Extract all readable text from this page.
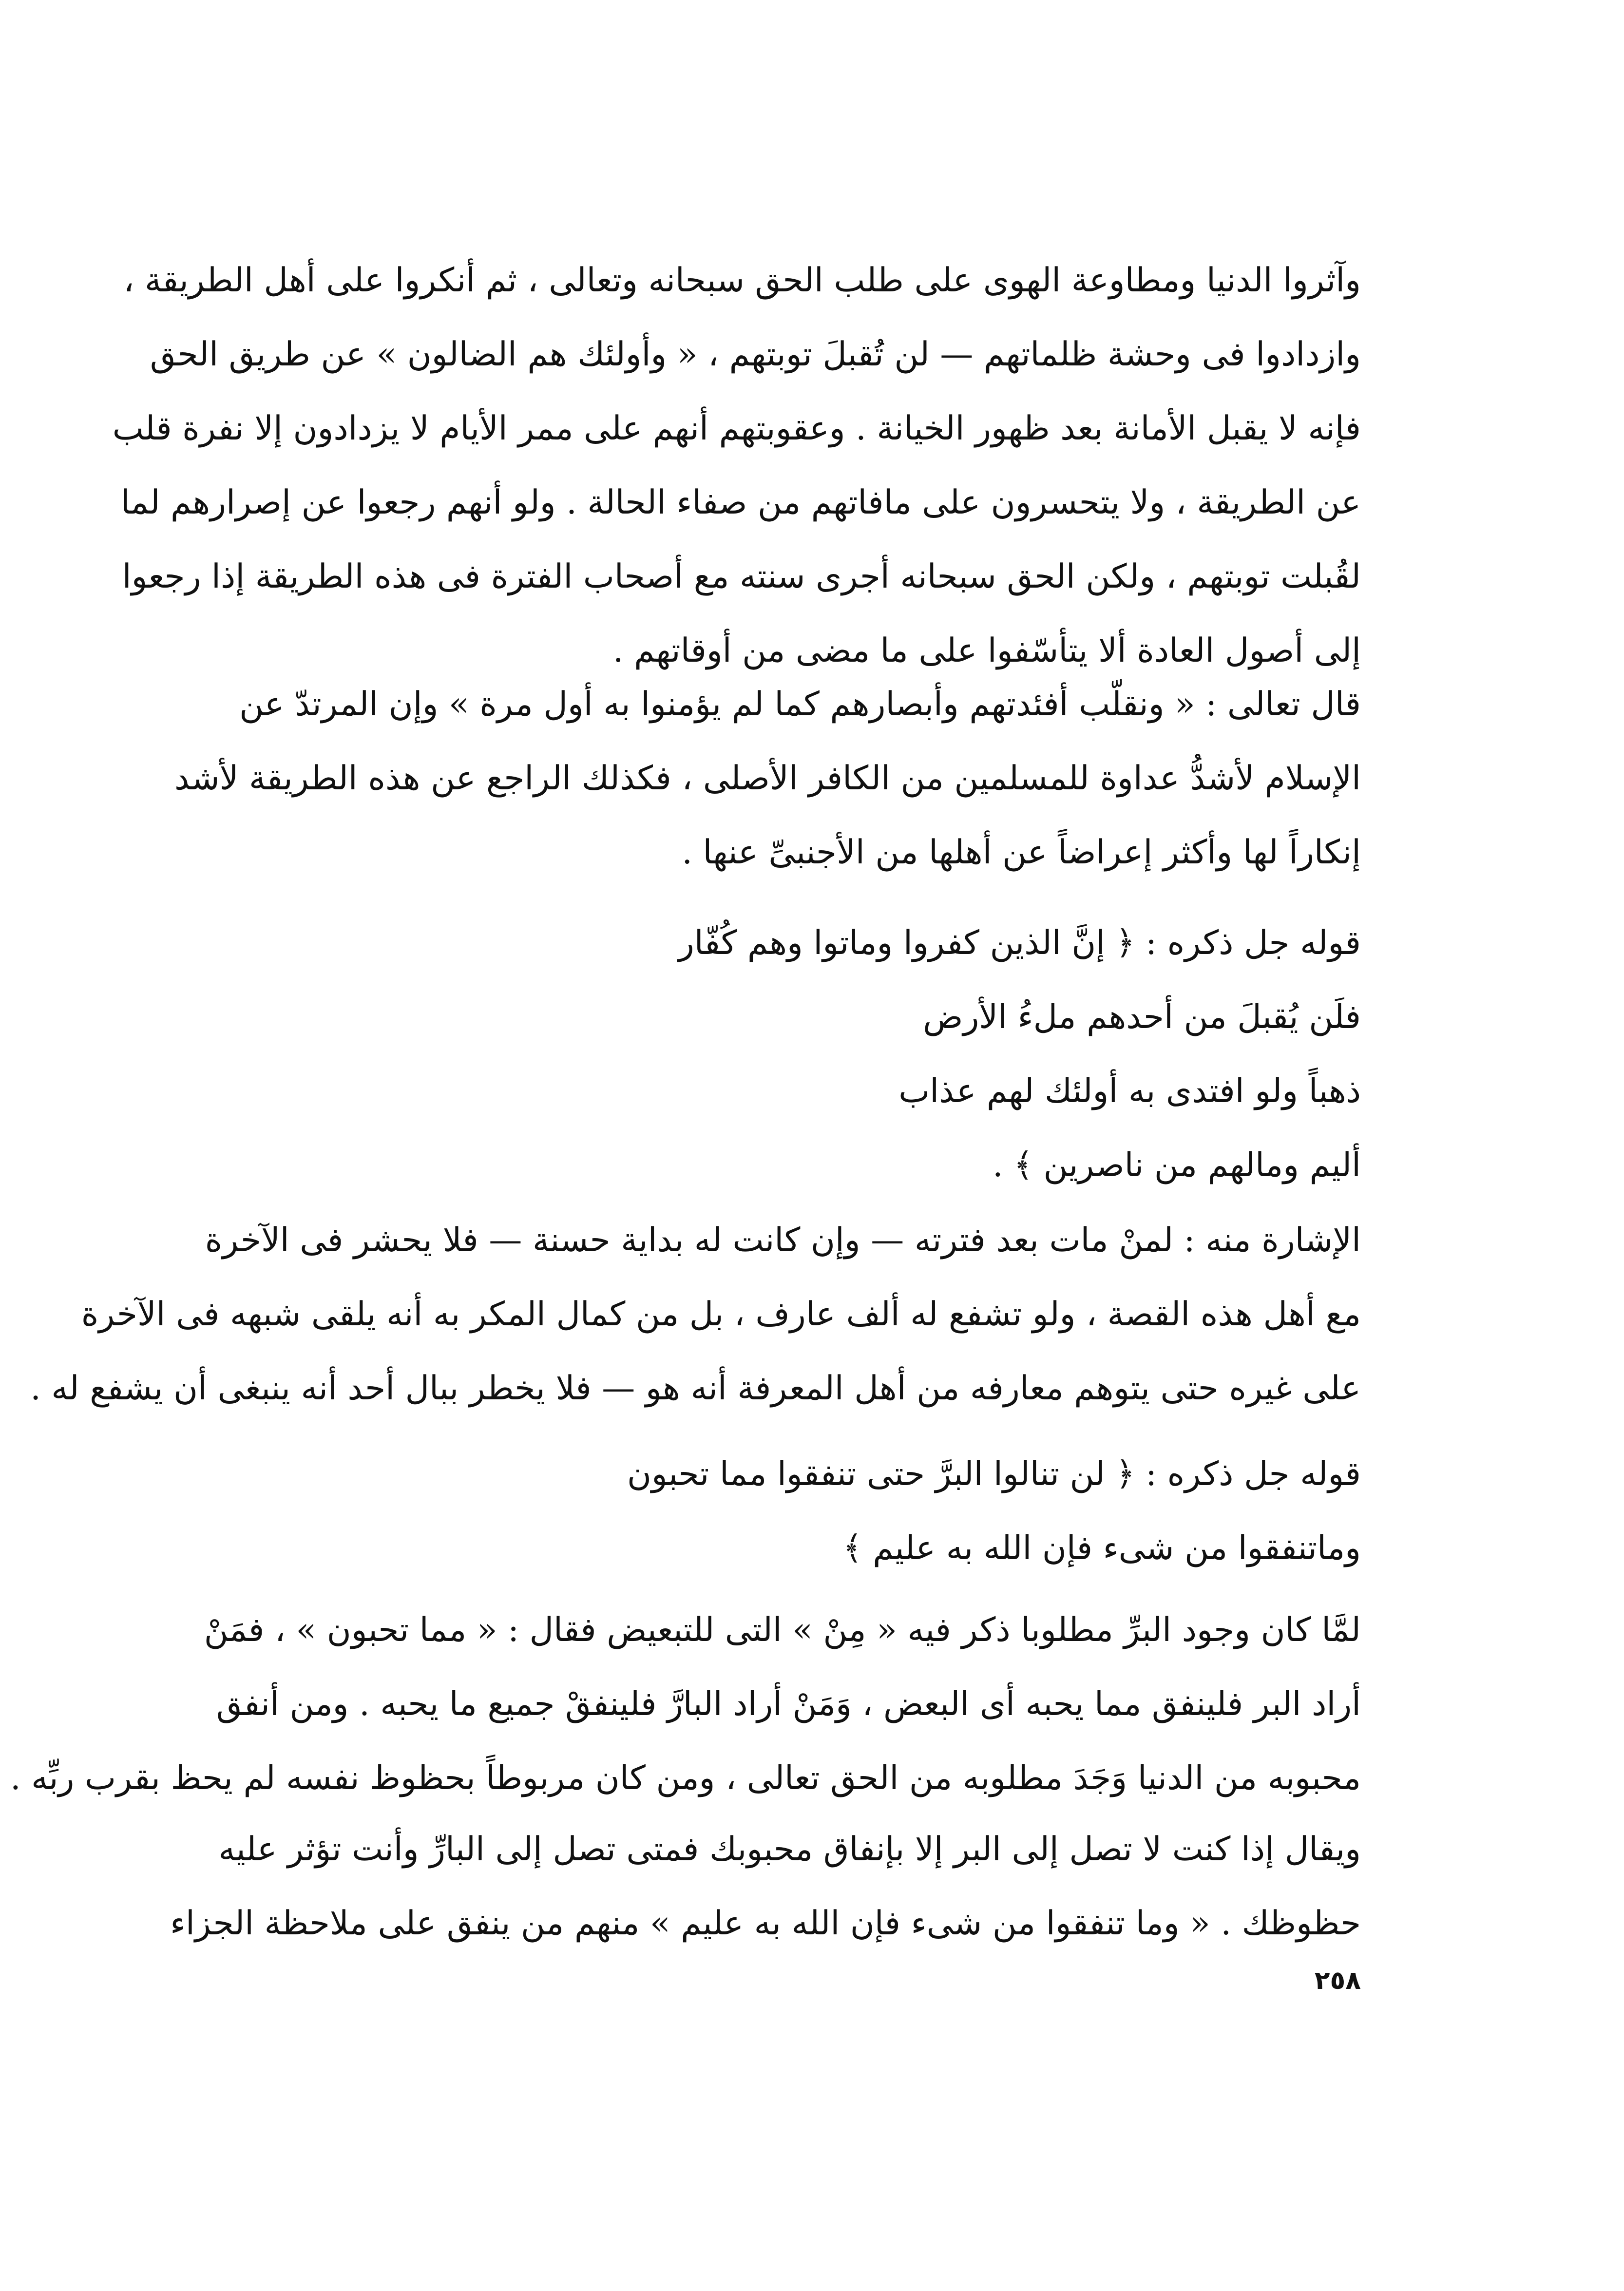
وآثروا الدنيا ومطاوعة الهوى على طلب الحق سبحانه وتعالى ، ثم أنكروا على أهل الطريقة ،
وازدادوا فى وحشة ظلماتهم — لن تُقبلَ توبتهم ، « وأولئك هم الضالون » عن طريق الحق
فإنه لا يقبل الأمانة بعد ظهور الخيانة . وعقوبتهم أنهم على ممر الأيام لا يزدادون إلا نفرة قلب
عن الطريقة ، ولا يتحسرون على مافاتهم من صفاء الحالة . ولو أنهم رجعوا عن إصرارهم لما
لقُبلت توبتهم ، ولكن الحق سبحانه أجرى سنته مع أصحاب الفترة فى هذه الطريقة إذا رجعوا
إلى أصول العادة ألا يتأسّفوا على ما مضى من أوقاتهم .
قال تعالى : « ونقلّب أفئدتهم وأبصارهم كما لم يؤمنوا به أول مرة » وإن المرتدّ عن
الإسلام لأشدُّ عداوة للمسلمين من الكافر الأصلى ، فكذلك الراجع عن هذه الطريقة لأشد
إنكاراً لها وأكثر إعراضاً عن أهلها من الأجنبىِّ عنها .
قوله جل ذكره : ﴿ إنَّ الذين كفروا وماتوا وهم كُفّار
فلَن يُقبلَ من أحدهم ملءُ الأرض
ذهباً ولو افتدى به أولئك لهم عذاب
أليم ومالهم من ناصرين ﴾ .
الإشارة منه : لمنْ مات بعد فترته — وإن كانت له بداية حسنة — فلا يحشر فى الآخرة
مع أهل هذه القصة ، ولو تشفع له ألف عارف ، بل من كمال المكر به أنه يلقى شبهه فى الآخرة
على غيره حتى يتوهم معارفه من أهل المعرفة أنه هو — فلا يخطر ببال أحد أنه ينبغى أن يشفع له .
قوله جل ذكره : ﴿ لن تنالوا البرَّ حتى تنفقوا مما تحبون
وماتنفقوا من شىء فإن الله به عليم ﴾
لمَّا كان وجود البرِّ مطلوبا ذكر فيه « مِنْ » التى للتبعيض فقال : « مما تحبون » ، فمَنْ
أراد البر فلينفق مما يحبه أى البعض ، وَمَنْ أراد البارَّ فلينفقْ جميع ما يحبه . ومن أنفق
محبوبه من الدنيا وَجَدَ مطلوبه من الحق تعالى ، ومن كان مربوطاً بحظوظ نفسه لم يحظ بقرب ربِّه .
ويقال إذا كنت لا تصل إلى البر إلا بإنفاق محبوبك فمتى تصل إلى البارِّ وأنت تؤثر عليه
حظوظك . « وما تنفقوا من شىء فإن الله به عليم » منهم من ينفق على ملاحظة الجزاء
٢٥٨
